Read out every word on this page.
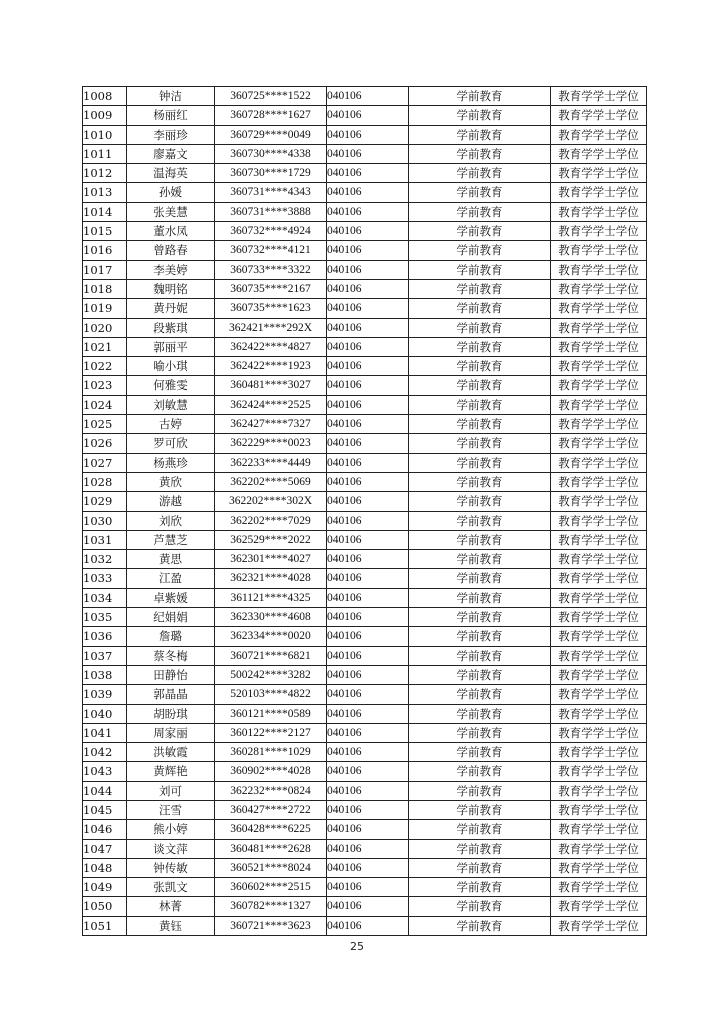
1008	钟洁	360725****1522	040106	学前教育	教育学学士学位
1009	杨丽红	360728****1627	040106	学前教育	教育学学士学位
1010	李丽珍	360729****0049	040106	学前教育	教育学学士学位
1011	廖嘉文	360730****4338	040106	学前教育	教育学学士学位
1012	温海英	360730****1729	040106	学前教育	教育学学士学位
1013	孙媛	360731****4343	040106	学前教育	教育学学士学位
1014	张美慧	360731****3888	040106	学前教育	教育学学士学位
1015	董水凤	360732****4924	040106	学前教育	教育学学士学位
1016	曾路春	360732****4121	040106	学前教育	教育学学士学位
1017	李美婷	360733****3322	040106	学前教育	教育学学士学位
1018	魏明铭	360735****2167	040106	学前教育	教育学学士学位
1019	黄丹妮	360735****1623	040106	学前教育	教育学学士学位
1020	段紫琪	362421****292X	040106	学前教育	教育学学士学位
1021	郭丽平	362422****4827	040106	学前教育	教育学学士学位
1022	喻小琪	362422****1923	040106	学前教育	教育学学士学位
1023	何雅雯	360481****3027	040106	学前教育	教育学学士学位
1024	刘敏慧	362424****2525	040106	学前教育	教育学学士学位
1025	古婷	362427****7327	040106	学前教育	教育学学士学位
1026	罗可欣	362229****0023	040106	学前教育	教育学学士学位
1027	杨燕珍	362233****4449	040106	学前教育	教育学学士学位
1028	黄欣	362202****5069	040106	学前教育	教育学学士学位
1029	游越	362202****302X	040106	学前教育	教育学学士学位
1030	刘欣	362202****7029	040106	学前教育	教育学学士学位
1031	芦慧芝	362529****2022	040106	学前教育	教育学学士学位
1032	黄思	362301****4027	040106	学前教育	教育学学士学位
1033	江盈	362321****4028	040106	学前教育	教育学学士学位
1034	卓紫媛	361121****4325	040106	学前教育	教育学学士学位
1035	纪娟娟	362330****4608	040106	学前教育	教育学学士学位
1036	詹璐	362334****0020	040106	学前教育	教育学学士学位
1037	蔡冬梅	360721****6821	040106	学前教育	教育学学士学位
1038	田静怡	500242****3282	040106	学前教育	教育学学士学位
1039	郭晶晶	520103****4822	040106	学前教育	教育学学士学位
1040	胡盼琪	360121****0589	040106	学前教育	教育学学士学位
1041	周家丽	360122****2127	040106	学前教育	教育学学士学位
1042	洪敏霞	360281****1029	040106	学前教育	教育学学士学位
1043	黄辉艳	360902****4028	040106	学前教育	教育学学士学位
1044	刘可	362232****0824	040106	学前教育	教育学学士学位
1045	汪雪	360427****2722	040106	学前教育	教育学学士学位
1046	熊小婷	360428****6225	040106	学前教育	教育学学士学位
1047	谈文萍	360481****2628	040106	学前教育	教育学学士学位
1048	钟传敏	360521****8024	040106	学前教育	教育学学士学位
1049	张凯文	360602****2515	040106	学前教育	教育学学士学位
1050	林菁	360782****1327	040106	学前教育	教育学学士学位
1051	黄钰	360721****3623	040106	学前教育	教育学学士学位
25
